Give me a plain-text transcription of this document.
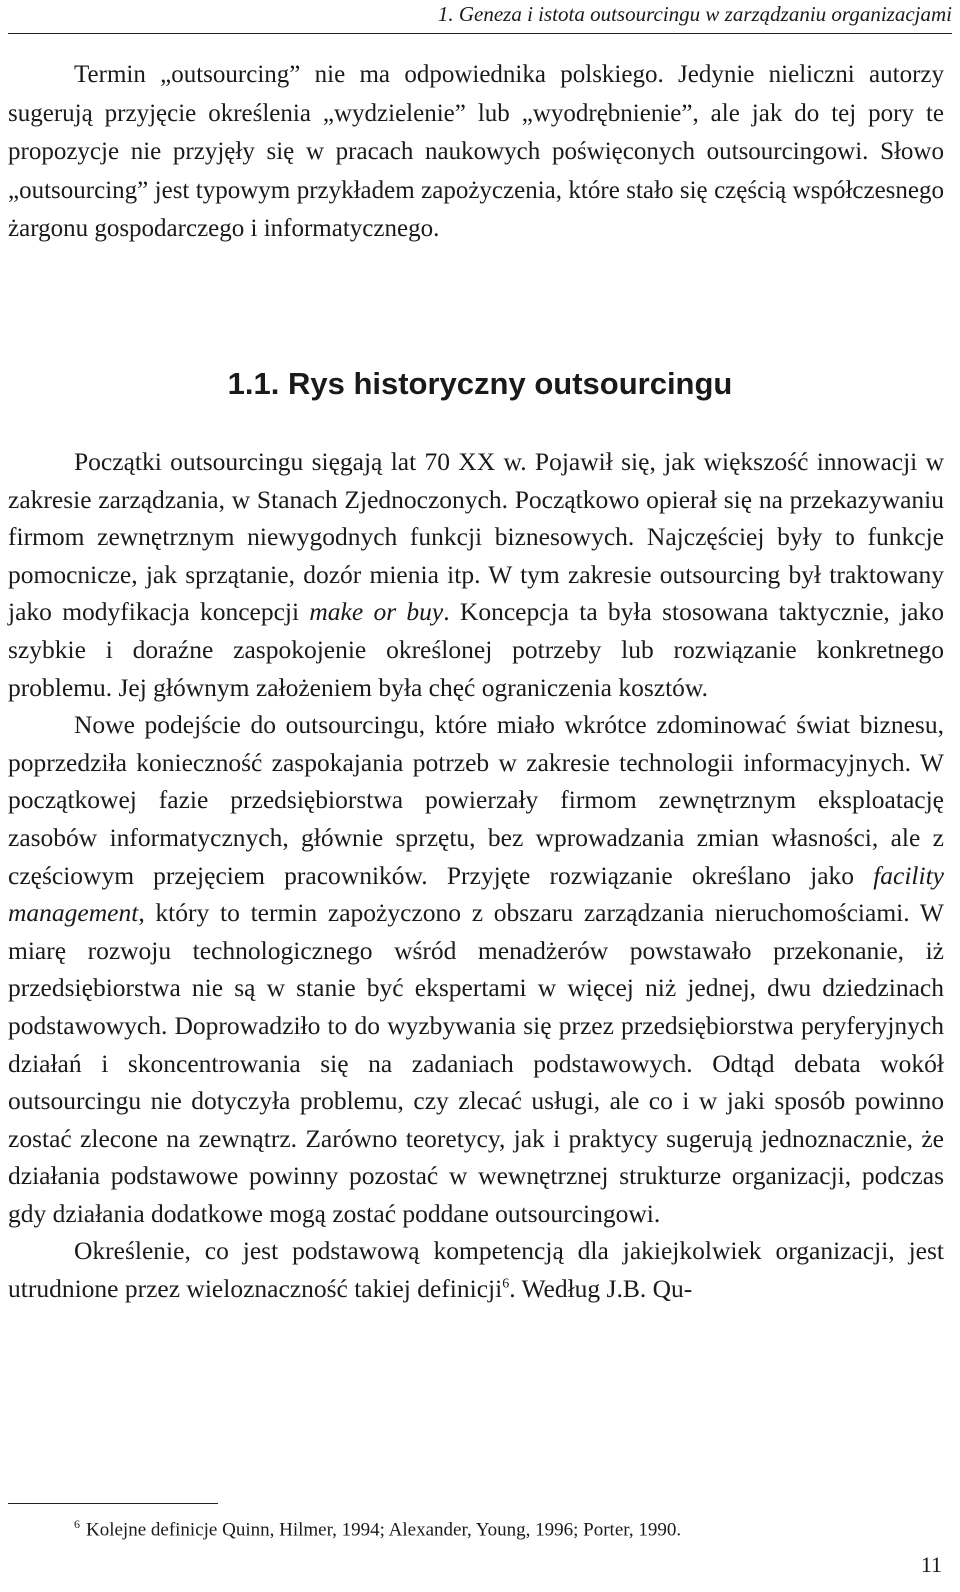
1. Geneza i istota outsourcingu w zarządzaniu organizacjami
Termin „outsourcing” nie ma odpowiednika polskiego. Jedynie nieliczni autorzy sugerują przyjęcie określenia „wydzielenie” lub „wyodrębnienie”, ale jak do tej pory te propozycje nie przyjęły się w pracach naukowych poświęconych outsourcingowi. Słowo „outsourcing” jest typowym przykładem zapożyczenia, które stało się częścią współczesnego żargonu gospodarczego i informatycznego.
1.1. Rys historyczny outsourcingu

Początki outsourcingu sięgają lat 70 XX w. Pojawił się, jak większość innowacji w zakresie zarządzania, w Stanach Zjednoczonych. Początkowo opierał się na przekazywaniu firmom zewnętrznym niewygodnych funkcji biznesowych. Najczęściej były to funkcje pomocnicze, jak sprzątanie, dozór mienia itp. W tym zakresie outsourcing był traktowany jako modyfikacja koncepcji make or buy. Koncepcja ta była stosowana taktycznie, jako szybkie i doraźne zaspokojenie określonej potrzeby lub rozwiązanie konkretnego problemu. Jej głównym założeniem była chęć ograniczenia kosztów.

Nowe podejście do outsourcingu, które miało wkrótce zdominować świat biznesu, poprzedziła konieczność zaspokajania potrzeb w zakresie technologii informacyjnych. W początkowej fazie przedsiębiorstwa powierzały firmom zewnętrznym eksploatację zasobów informatycznych, głównie sprzętu, bez wprowadzania zmian własności, ale z częściowym przejęciem pracowników. Przyjęte rozwiązanie określano jako facility management, który to termin zapożyczono z obszaru zarządzania nieruchomościami. W miarę rozwoju technologicznego wśród menadżerów powstawało przekonanie, iż przedsiębiorstwa nie są w stanie być ekspertami w więcej niż jednej, dwu dziedzinach podstawowych. Doprowadziło to do wyzbywania się przez przedsiębiorstwa peryferyjnych działań i skoncentrowania się na zadaniach podstawowych. Odtąd debata wokół outsourcingu nie dotyczyła problemu, czy zlecać usługi, ale co i w jaki sposób powinno zostać zlecone na zewnątrz. Zarówno teoretycy, jak i praktycy sugerują jednoznacznie, że działania podstawowe powinny pozostać w wewnętrznej strukturze organizacji, podczas gdy działania dodatkowe mogą zostać poddane outsourcingowi.

Określenie, co jest podstawową kompetencją dla jakiejkolwiek organizacji, jest utrudnione przez wieloznaczność takiej definicji$^6$. Według J.B. Qu-

$^6$ Kolejne definicje Quinn, Hilmer, 1994; Alexander, Young, 1996; Porter, 1990.
11
